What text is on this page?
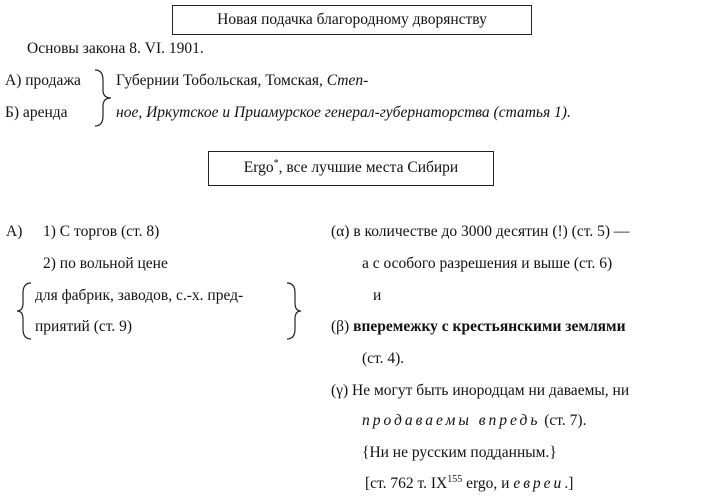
Новая подачка благородному дворянству
Основы закона 8. VI. 1901.
А) продажа
Б) аренда
Губернии Тобольская, Томская, Степ-
ное, Иркутское и Приамурское генерал-губернаторства (статья 1).
Ergo*, все лучшие места Сибири
А) 1) С торгов (ст. 8)
2) по вольной цене
для фабрик, заводов, с.-х. пред-
приятий (ст. 9)
(α) в количестве до 3000 десятин (!) (ст. 5) —
а с особого разрешения и выше (ст. 6)
и
(β) вперемежку с крестьянскими землями
(ст. 4).
(γ) Не могут быть инородцам ни даваемы, ни
продаваемы впредь (ст. 7).
{Ни не русским подданным.}
[ст. 762 т. IX$^{155}$ ergo, и евреи.]
